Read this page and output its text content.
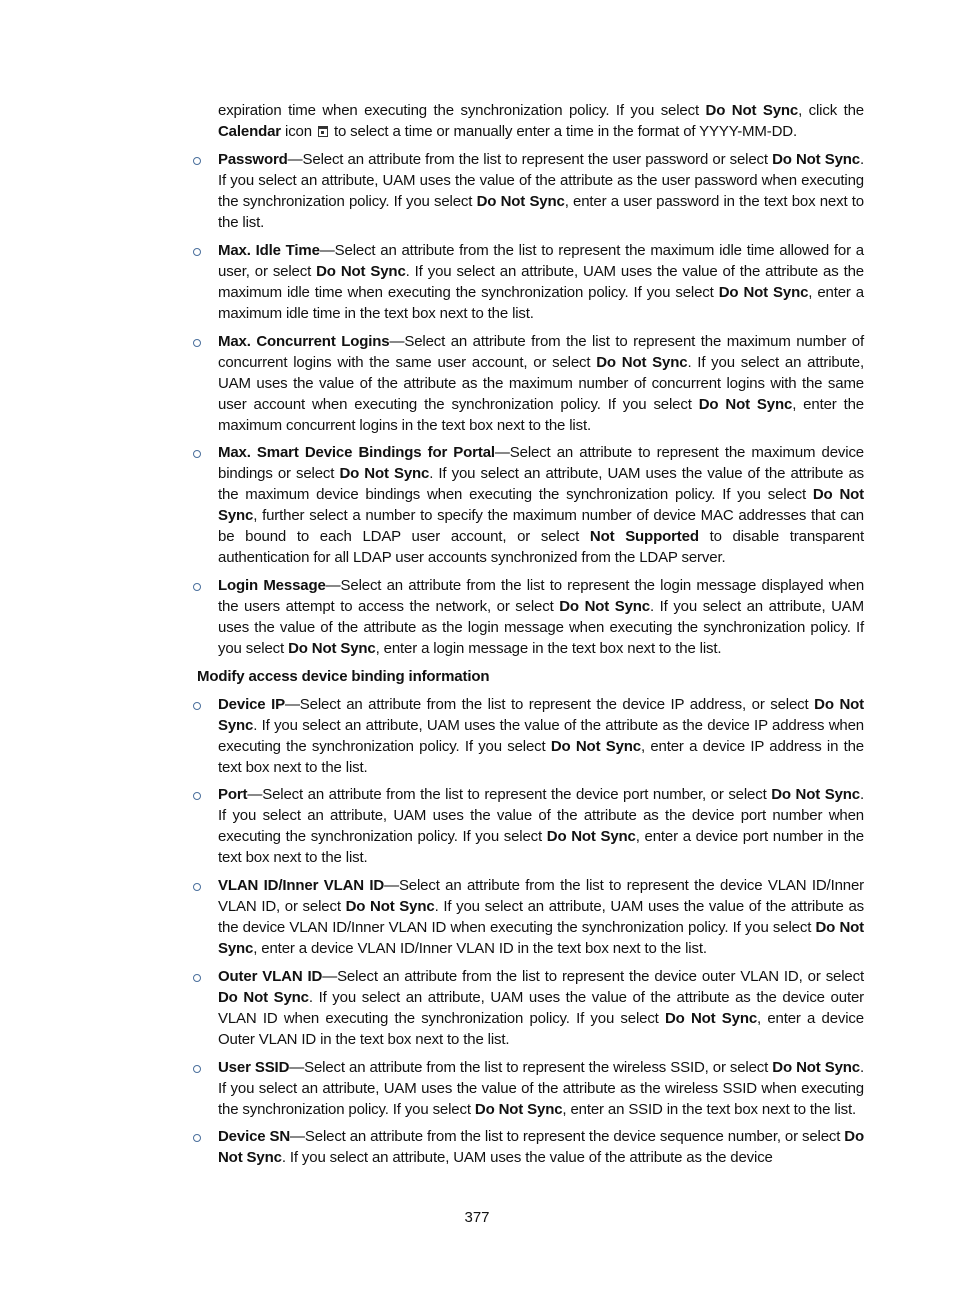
expiration time when executing the synchronization policy. If you select Do Not Sync, click the Calendar icon to select a time or manually enter a time in the format of YYYY-MM-DD.
Password—Select an attribute from the list to represent the user password or select Do Not Sync. If you select an attribute, UAM uses the value of the attribute as the user password when executing the synchronization policy. If you select Do Not Sync, enter a user password in the text box next to the list.
Max. Idle Time—Select an attribute from the list to represent the maximum idle time allowed for a user, or select Do Not Sync. If you select an attribute, UAM uses the value of the attribute as the maximum idle time when executing the synchronization policy. If you select Do Not Sync, enter a maximum idle time in the text box next to the list.
Max. Concurrent Logins—Select an attribute from the list to represent the maximum number of concurrent logins with the same user account, or select Do Not Sync. If you select an attribute, UAM uses the value of the attribute as the maximum number of concurrent logins with the same user account when executing the synchronization policy. If you select Do Not Sync, enter the maximum concurrent logins in the text box next to the list.
Max. Smart Device Bindings for Portal—Select an attribute to represent the maximum device bindings or select Do Not Sync. If you select an attribute, UAM uses the value of the attribute as the maximum device bindings when executing the synchronization policy. If you select Do Not Sync, further select a number to specify the maximum number of device MAC addresses that can be bound to each LDAP user account, or select Not Supported to disable transparent authentication for all LDAP user accounts synchronized from the LDAP server.
Login Message—Select an attribute from the list to represent the login message displayed when the users attempt to access the network, or select Do Not Sync. If you select an attribute, UAM uses the value of the attribute as the login message when executing the synchronization policy. If you select Do Not Sync, enter a login message in the text box next to the list.
Modify access device binding information
Device IP—Select an attribute from the list to represent the device IP address, or select Do Not Sync. If you select an attribute, UAM uses the value of the attribute as the device IP address when executing the synchronization policy. If you select Do Not Sync, enter a device IP address in the text box next to the list.
Port—Select an attribute from the list to represent the device port number, or select Do Not Sync. If you select an attribute, UAM uses the value of the attribute as the device port number when executing the synchronization policy. If you select Do Not Sync, enter a device port number in the text box next to the list.
VLAN ID/Inner VLAN ID—Select an attribute from the list to represent the device VLAN ID/Inner VLAN ID, or select Do Not Sync. If you select an attribute, UAM uses the value of the attribute as the device VLAN ID/Inner VLAN ID when executing the synchronization policy. If you select Do Not Sync, enter a device VLAN ID/Inner VLAN ID in the text box next to the list.
Outer VLAN ID—Select an attribute from the list to represent the device outer VLAN ID, or select Do Not Sync. If you select an attribute, UAM uses the value of the attribute as the device outer VLAN ID when executing the synchronization policy. If you select Do Not Sync, enter a device Outer VLAN ID in the text box next to the list.
User SSID—Select an attribute from the list to represent the wireless SSID, or select Do Not Sync. If you select an attribute, UAM uses the value of the attribute as the wireless SSID when executing the synchronization policy. If you select Do Not Sync, enter an SSID in the text box next to the list.
Device SN—Select an attribute from the list to represent the device sequence number, or select Do Not Sync. If you select an attribute, UAM uses the value of the attribute as the device
377
